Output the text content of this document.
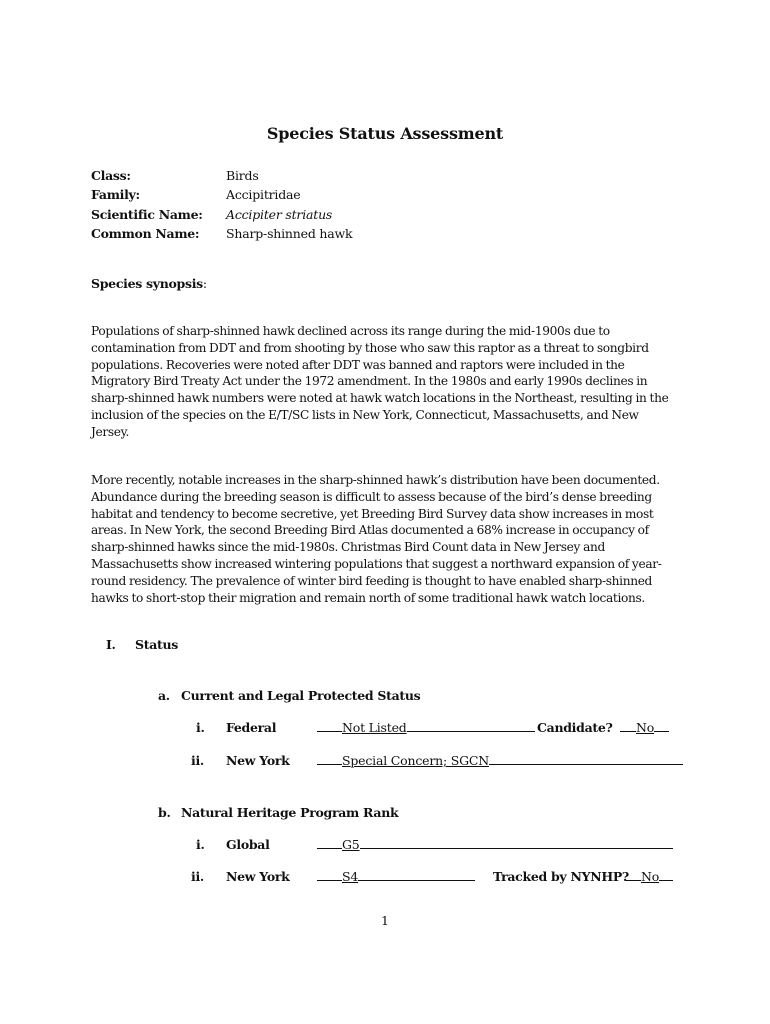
Species Status Assessment
Class:	Birds
Family:	Accipitridae
Scientific Name: Accipiter striatus
Common Name: Sharp-shinned hawk
Species synopsis:
Populations of sharp-shinned hawk declined across its range during the mid-1900s due to
contamination from DDT and from shooting by those who saw this raptor as a threat to songbird
populations. Recoveries were noted after DDT was banned and raptors were included in the
Migratory Bird Treaty Act under the 1972 amendment. In the 1980s and early 1990s declines in
sharp-shinned hawk numbers were noted at hawk watch locations in the Northeast, resulting in the
inclusion of the species on the E/T/SC lists in New York, Connecticut, Massachusetts, and New
Jersey.
More recently, notable increases in the sharp-shinned hawk’s distribution have been documented.
Abundance during the breeding season is difficult to assess because of the bird’s dense breeding
habitat and tendency to become secretive, yet Breeding Bird Survey data show increases in most
areas. In New York, the second Breeding Bird Atlas documented a 68% increase in occupancy of
sharp-shinned hawks since the mid-1980s. Christmas Bird Count data in New Jersey and
Massachusetts show increased wintering populations that suggest a northward expansion of year-
round residency. The prevalence of winter bird feeding is thought to have enabled sharp-shinned
hawks to short-stop their migration and remain north of some traditional hawk watch locations.
I. Status
a. Current and Legal Protected Status
i. Federal	Not Listed	Candidate?	No
ii. New York	Special Concern; SGCN
b. Natural Heritage Program Rank
i. Global	G5
ii. New York	S4	Tracked by NYNHP? No
1
